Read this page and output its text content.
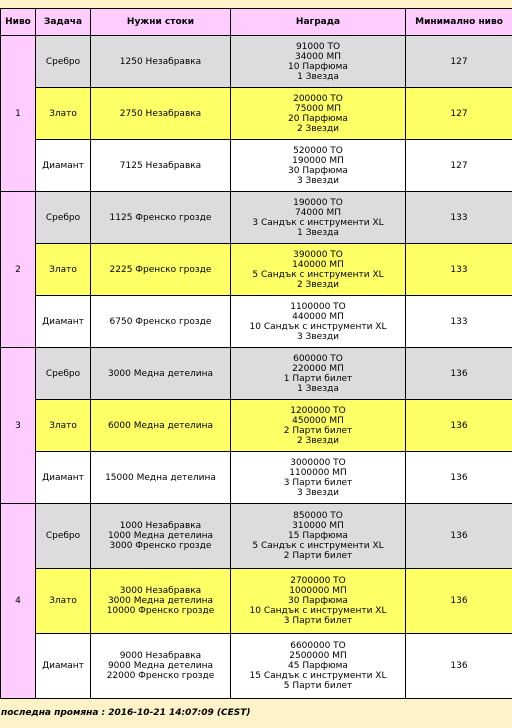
Ниво	Задача	Нужни стоки	Награда	Минимално ниво
1	Сребро	1250 Незабравка	91000 ТО
34000 МП
10 Парфюма
1 Звезда	127
	Злато	2750 Незабравка	200000 ТО
75000 МП
20 Парфюма
2 Звезди	127
	Диамант	7125 Незабравка	520000 ТО
190000 МП
30 Парфюма
3 Звезди	127
2	Сребро	1125 Френско грозде	190000 ТО
74000 МП
3 Сандък с инструменти XL
1 Звезда	133
	Злато	2225 Френско грозде	390000 ТО
140000 МП
5 Сандък с инструменти XL
2 Звезди	133
	Диамант	6750 Френско грозде	1100000 ТО
440000 МП
10 Сандък с инструменти XL
3 Звезди	133
3	Сребро	3000 Медна детелина	600000 ТО
220000 МП
1 Парти билет
1 Звезда	136
	Злато	6000 Медна детелина	1200000 ТО
450000 МП
2 Парти билет
2 Звезди	136
	Диамант	15000 Медна детелина	3000000 ТО
1100000 МП
3 Парти билет
3 Звезди	136
4	Сребро	1000 Незабравка
1000 Медна детелина
3000 Френско грозде	850000 ТО
310000 МП
15 Парфюма
5 Сандък с инструменти XL
2 Парти билет	136
	Злато	3000 Незабравка
3000 Медна детелина
10000 Френско грозде	2700000 ТО
1000000 МП
30 Парфюма
10 Сандък с инструменти XL
3 Парти билет	136
	Диамант	9000 Незабравка
9000 Медна детелина
22000 Френско грозде	6600000 ТО
2500000 МП
45 Парфюма
15 Сандък с инструменти XL
5 Парти билет	136
последна промяна : 2016-10-21 14:07:09 (CEST)
